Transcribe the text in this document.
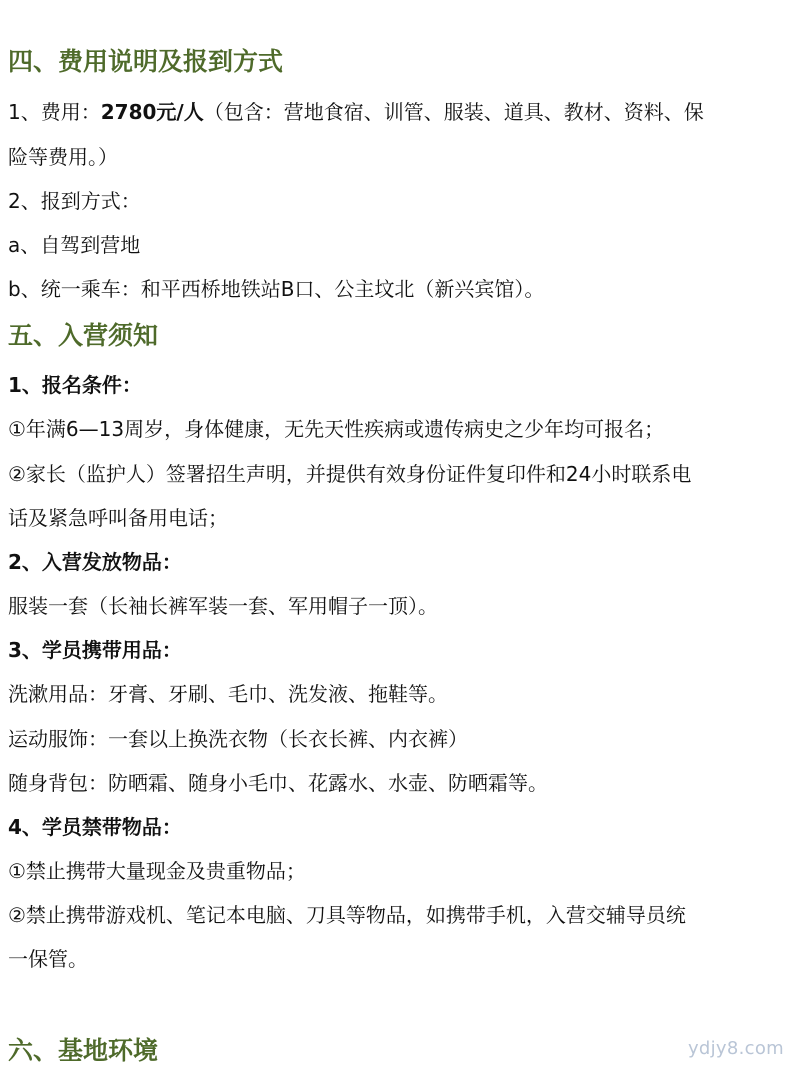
四、费用说明及报到方式
1、费用：2780元/人（包含：营地食宿、训管、服装、道具、教材、资料、保
险等费用。）
2、报到方式：
a、自驾到营地
b、统一乘车：和平西桥地铁站B口、公主坟北（新兴宾馆）。
五、入营须知
1、报名条件：
①年满6—13周岁，身体健康，无先天性疾病或遗传病史之少年均可报名；
②家长（监护人）签署招生声明，并提供有效身份证件复印件和24小时联系电
话及紧急呼叫备用电话；
2、入营发放物品：
服装一套（长袖长裤军装一套、军用帽子一顶）。
3、学员携带用品：
洗漱用品：牙膏、牙刷、毛巾、洗发液、拖鞋等。
运动服饰：一套以上换洗衣物（长衣长裤、内衣裤）
随身背包：防晒霜、随身小毛巾、花露水、水壶、防晒霜等。
4、学员禁带物品：
①禁止携带大量现金及贵重物品；
②禁止携带游戏机、笔记本电脑、刀具等物品，如携带手机，入营交辅导员统
一保管。
六、基地环境	ydjy8.com
